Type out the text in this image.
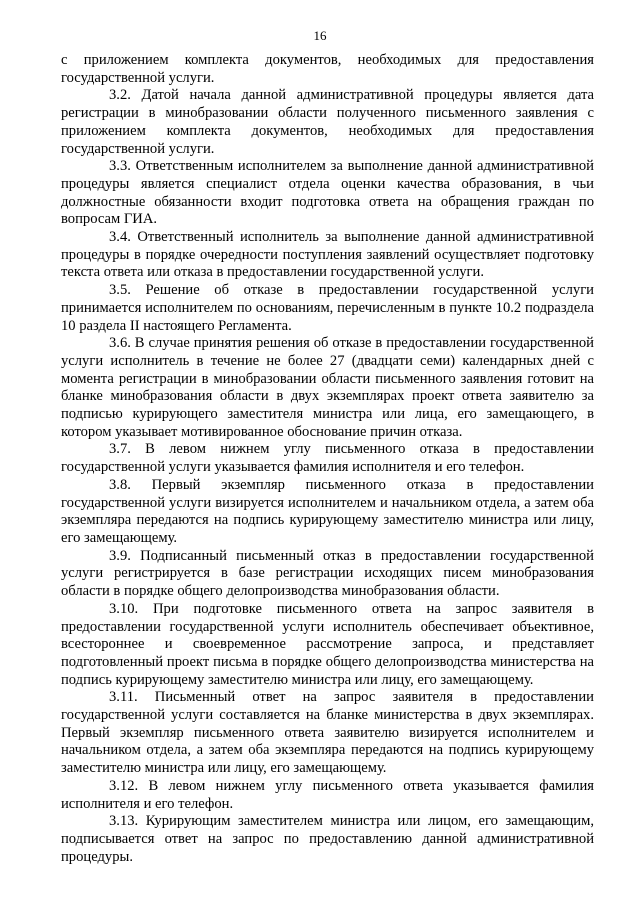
16

с приложением комплекта документов, необходимых для предоставления государственной услуги.

3.2. Датой начала данной административной процедуры является дата регистрации в минобразовании области полученного письменного заявления с приложением комплекта документов, необходимых для предоставления государственной услуги.

3.3. Ответственным исполнителем за выполнение данной административной процедуры является специалист отдела оценки качества образования, в чьи должностные обязанности входит подготовка ответа на обращения граждан по вопросам ГИА.

3.4. Ответственный исполнитель за выполнение данной административной процедуры в порядке очередности поступления заявлений осуществляет подготовку текста ответа или отказа в предоставлении государственной услуги.

3.5. Решение об отказе в предоставлении государственной услуги принимается исполнителем по основаниям, перечисленным в пункте 10.2 подраздела 10 раздела II настоящего Регламента.

3.6. В случае принятия решения об отказе в предоставлении государственной услуги исполнитель в течение не более 27 (двадцати семи) календарных дней с момента регистрации в минобразовании области письменного заявления готовит на бланке минобразования области в двух экземплярах проект ответа заявителю за подписью курирующего заместителя министра или лица, его замещающего, в котором указывает мотивированное обоснование причин отказа.

3.7. В левом нижнем углу письменного отказа в предоставлении государственной услуги указывается фамилия исполнителя и его телефон.

3.8. Первый экземпляр письменного отказа в предоставлении государственной услуги визируется исполнителем и начальником отдела, а затем оба экземпляра передаются на подпись курирующему заместителю министра или лицу, его замещающему.

3.9. Подписанный письменный отказ в предоставлении государственной услуги регистрируется в базе регистрации исходящих писем минобразования области в порядке общего делопроизводства минобразования области.

3.10. При подготовке письменного ответа на запрос заявителя в предоставлении государственной услуги исполнитель обеспечивает объективное, всестороннее и своевременное рассмотрение запроса, и представляет подготовленный проект письма в порядке общего делопроизводства министерства на подпись курирующему заместителю министра или лицу, его замещающему.

3.11. Письменный ответ на запрос заявителя в предоставлении государственной услуги составляется на бланке министерства в двух экземплярах. Первый экземпляр письменного ответа заявителю визируется исполнителем и начальником отдела, а затем оба экземпляра передаются на подпись курирующему заместителю министра или лицу, его замещающему.

3.12. В левом нижнем углу письменного ответа указывается фамилия исполнителя и его телефон.

3.13. Курирующим заместителем министра или лицом, его замещающим, подписывается ответ на запрос по предоставлению данной административной процедуры.
